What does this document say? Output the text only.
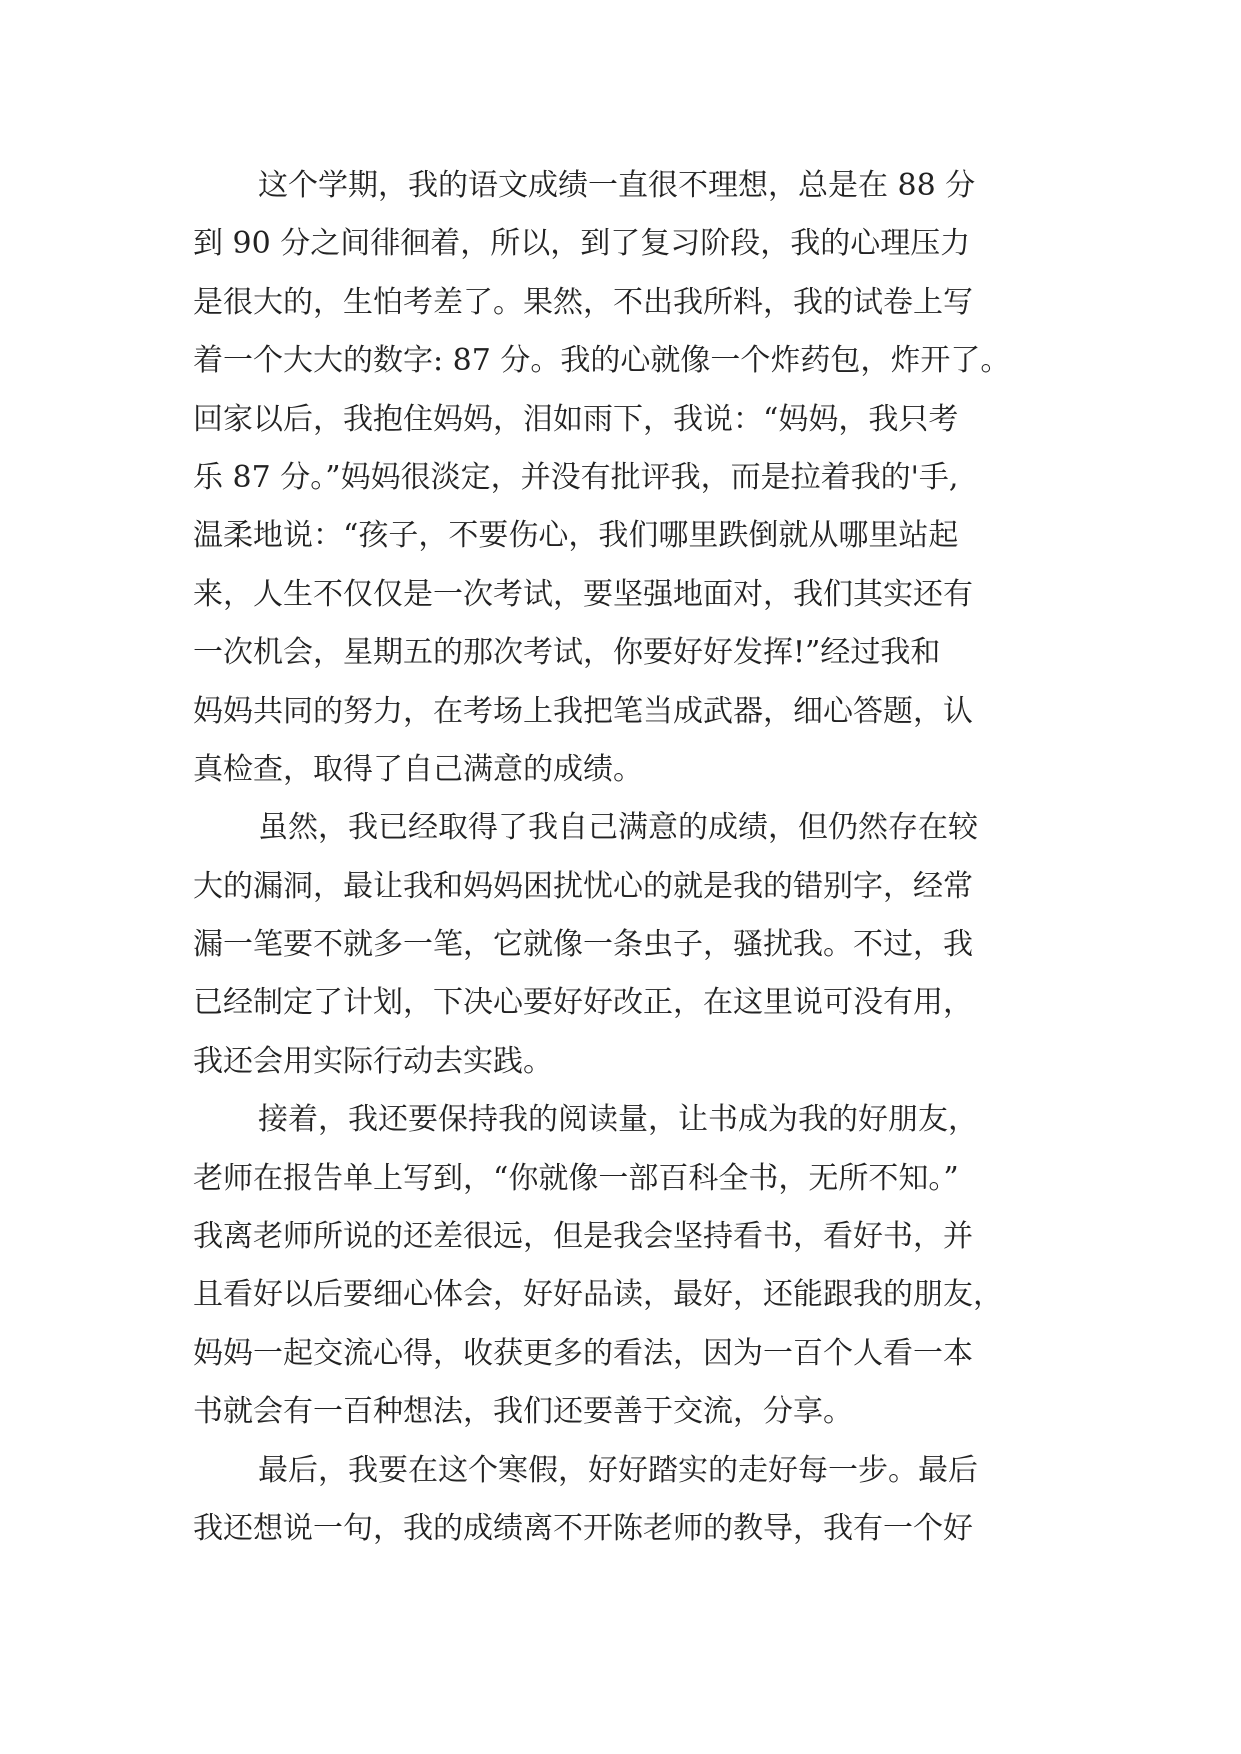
这个学期，我的语文成绩一直很不理想，总是在 88 分
到 90 分之间徘徊着，所以，到了复习阶段，我的心理压力
是很大的，生怕考差了。果然，不出我所料，我的试卷上写
着一个大大的数字: 87 分。我的心就像一个炸药包，炸开了。
回家以后，我抱住妈妈，泪如雨下，我说：“妈妈，我只考
乐 87 分。”妈妈很淡定，并没有批评我，而是拉着我的'手,
温柔地说：“孩子，不要伤心，我们哪里跌倒就从哪里站起
来，人生不仅仅是一次考试，要坚强地面对，我们其实还有
一次机会，星期五的那次考试，你要好好发挥!”经过我和
妈妈共同的努力，在考场上我把笔当成武器，细心答题，认
真检查，取得了自己满意的成绩。
虽然，我已经取得了我自己满意的成绩，但仍然存在较
大的漏洞，最让我和妈妈困扰忧心的就是我的错别字，经常
漏一笔要不就多一笔，它就像一条虫子，骚扰我。不过，我
已经制定了计划，下决心要好好改正，在这里说可没有用，
我还会用实际行动去实践。
接着，我还要保持我的阅读量，让书成为我的好朋友，
老师在报告单上写到，“你就像一部百科全书，无所不知。”
我离老师所说的还差很远，但是我会坚持看书，看好书，并
且看好以后要细心体会，好好品读，最好，还能跟我的朋友，
妈妈一起交流心得，收获更多的看法，因为一百个人看一本
书就会有一百种想法，我们还要善于交流，分享。
最后，我要在这个寒假，好好踏实的走好每一步。最后
我还想说一句，我的成绩离不开陈老师的教导，我有一个好
